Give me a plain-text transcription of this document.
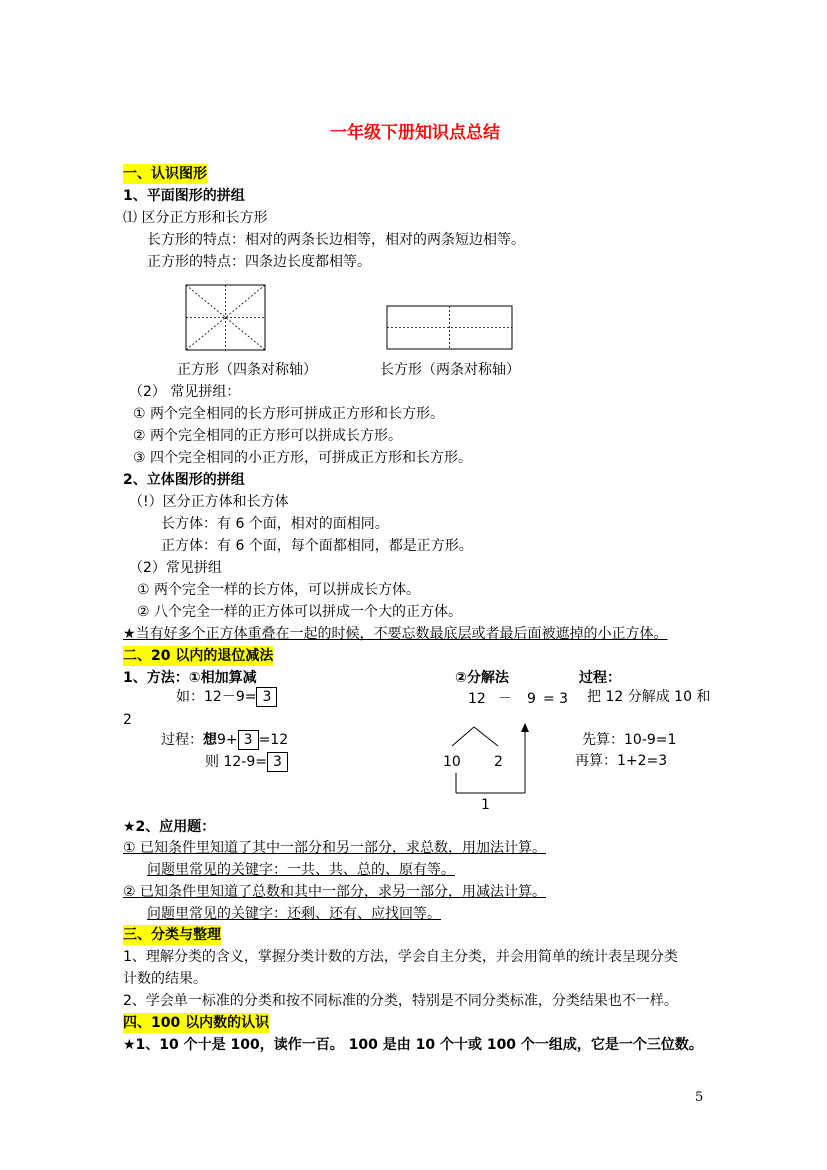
一年级下册知识点总结
一、认识图形
1、平面图形的拼组
⑴ 区分正方形和长方形
长方形的特点：相对的两条长边相等，相对的两条短边相等。
正方形的特点：四条边长度都相等。
正方形（四条对称轴）	长方形（两条对称轴）
（2） 常见拼组：
① 两个完全相同的长方形可拼成正方形和长方形。
② 两个完全相同的正方形可以拼成长方形。
③ 四个完全相同的小正方形，可拼成正方形和长方形。
2、立体图形的拼组
（!）区分正方体和长方体
长方体：有 6 个面，相对的面相同。
正方体：有 6 个面，每个面都相同，都是正方形。
（2）常见拼组
① 两个完全一样的长方体，可以拼成长方体。
② 八个完全一样的正方体可以拼成一个大的正方体。
★当有好多个正方体重叠在一起的时候，不要忘数最底层或者最后面被遮掉的小正方体。
二、20 以内的退位减法
1、方法：①相加算减	②分解法	过程：
如：12－9= 3	12 － 9 = 3 把 12 分解成 10 和
2
过程：想9+ 3 =12
则 12-9= 3	10 2
1
先算：10-9=1
再算：1+2=3
★2、应用题：
① 已知条件里知道了其中一部分和另一部分，求总数，用加法计算。
问题里常见的关键字：一共、共、总的、原有等。
② 已知条件里知道了总数和其中一部分，求另一部分，用减法计算。
问题里常见的关键字：还剩、还有、应找回等。
三、分类与整理
1、理解分类的含义，掌握分类计数的方法，学会自主分类，并会用简单的统计表呈现分类
计数的结果。
2、学会单一标准的分类和按不同标准的分类，特别是不同分类标准，分类结果也不一样。
四、100 以内数的认识
★1、10 个十是 100，读作一百。 100 是由 10 个十或 100 个一组成，它是一个三位数。
5
